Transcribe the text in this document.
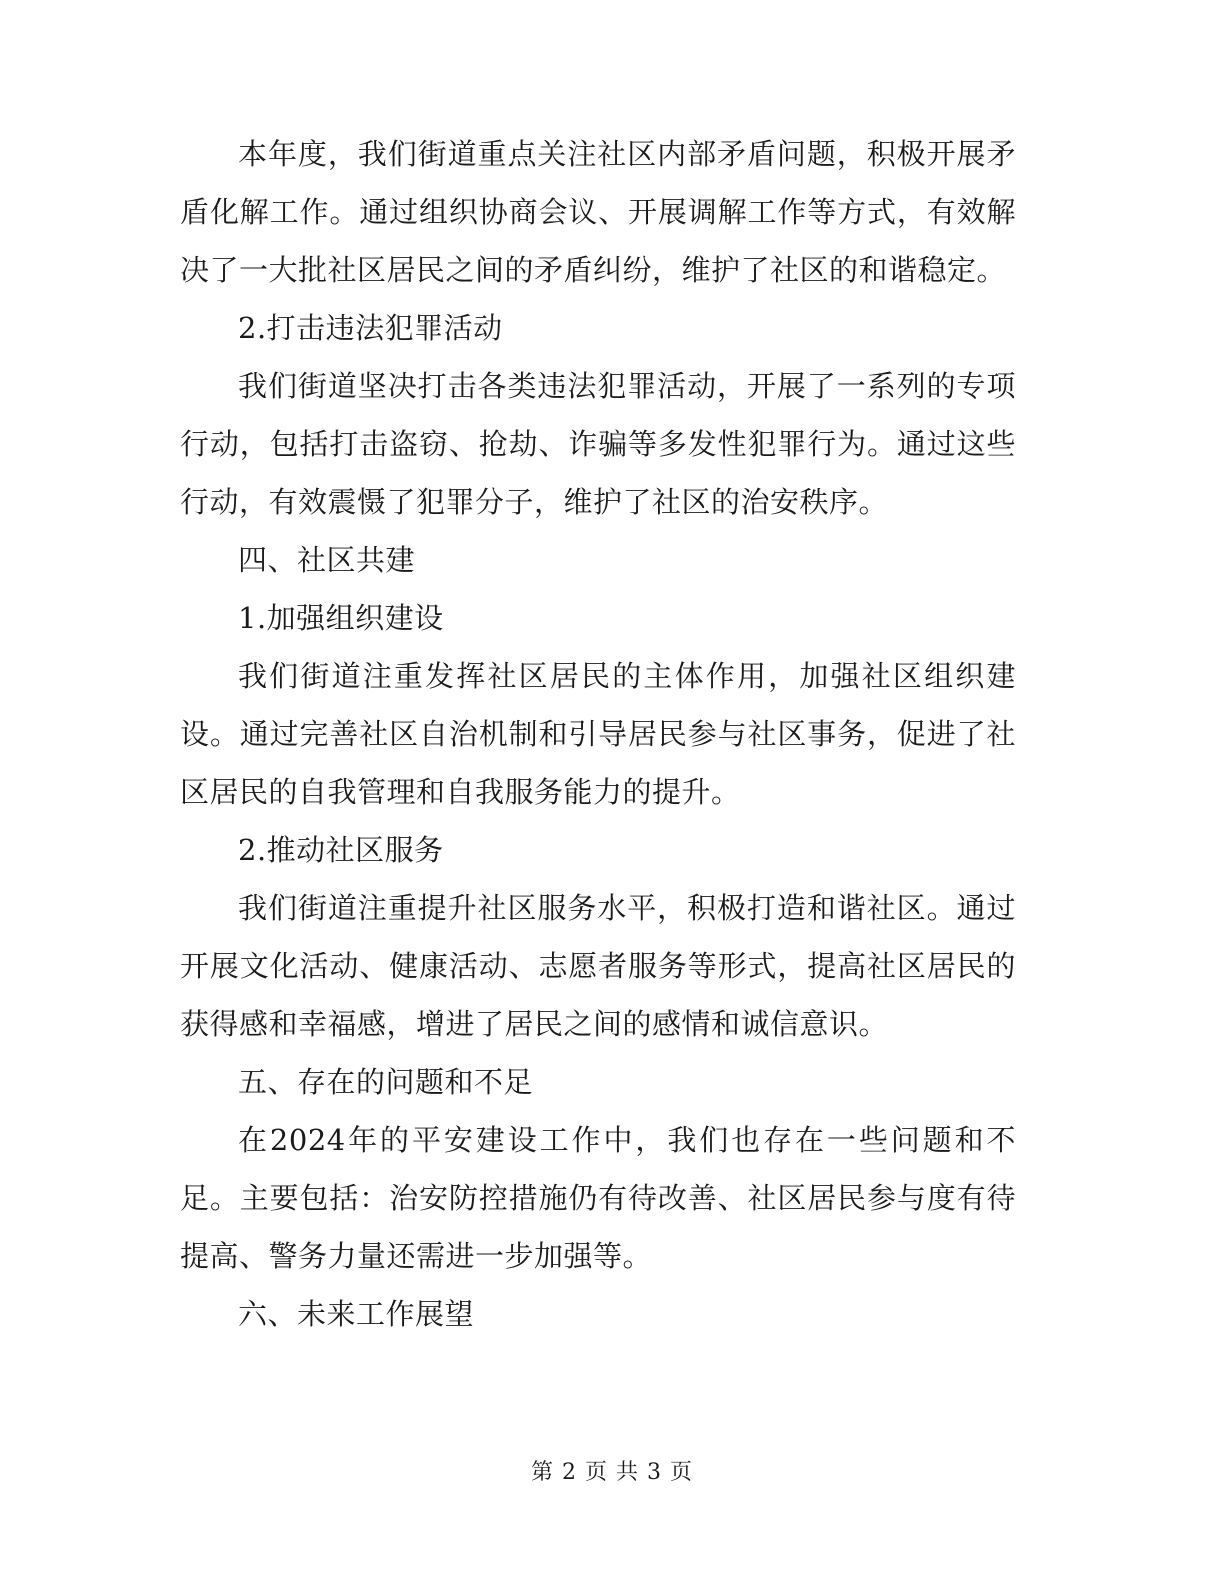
本年度，我们街道重点关注社区内部矛盾问题，积极开展矛盾化解工作。通过组织协商会议、开展调解工作等方式，有效解决了一大批社区居民之间的矛盾纠纷，维护了社区的和谐稳定。

2.打击违法犯罪活动

我们街道坚决打击各类违法犯罪活动，开展了一系列的专项行动，包括打击盗窃、抢劫、诈骗等多发性犯罪行为。通过这些行动，有效震慑了犯罪分子，维护了社区的治安秩序。

四、社区共建

1.加强组织建设

我们街道注重发挥社区居民的主体作用，加强社区组织建设。通过完善社区自治机制和引导居民参与社区事务，促进了社区居民的自我管理和自我服务能力的提升。

2.推动社区服务

我们街道注重提升社区服务水平，积极打造和谐社区。通过开展文化活动、健康活动、志愿者服务等形式，提高社区居民的获得感和幸福感，增进了居民之间的感情和诚信意识。

五、存在的问题和不足

在2024年的平安建设工作中，我们也存在一些问题和不足。主要包括：治安防控措施仍有待改善、社区居民参与度有待提高、警务力量还需进一步加强等。

六、未来工作展望

第 2 页 共 3 页
